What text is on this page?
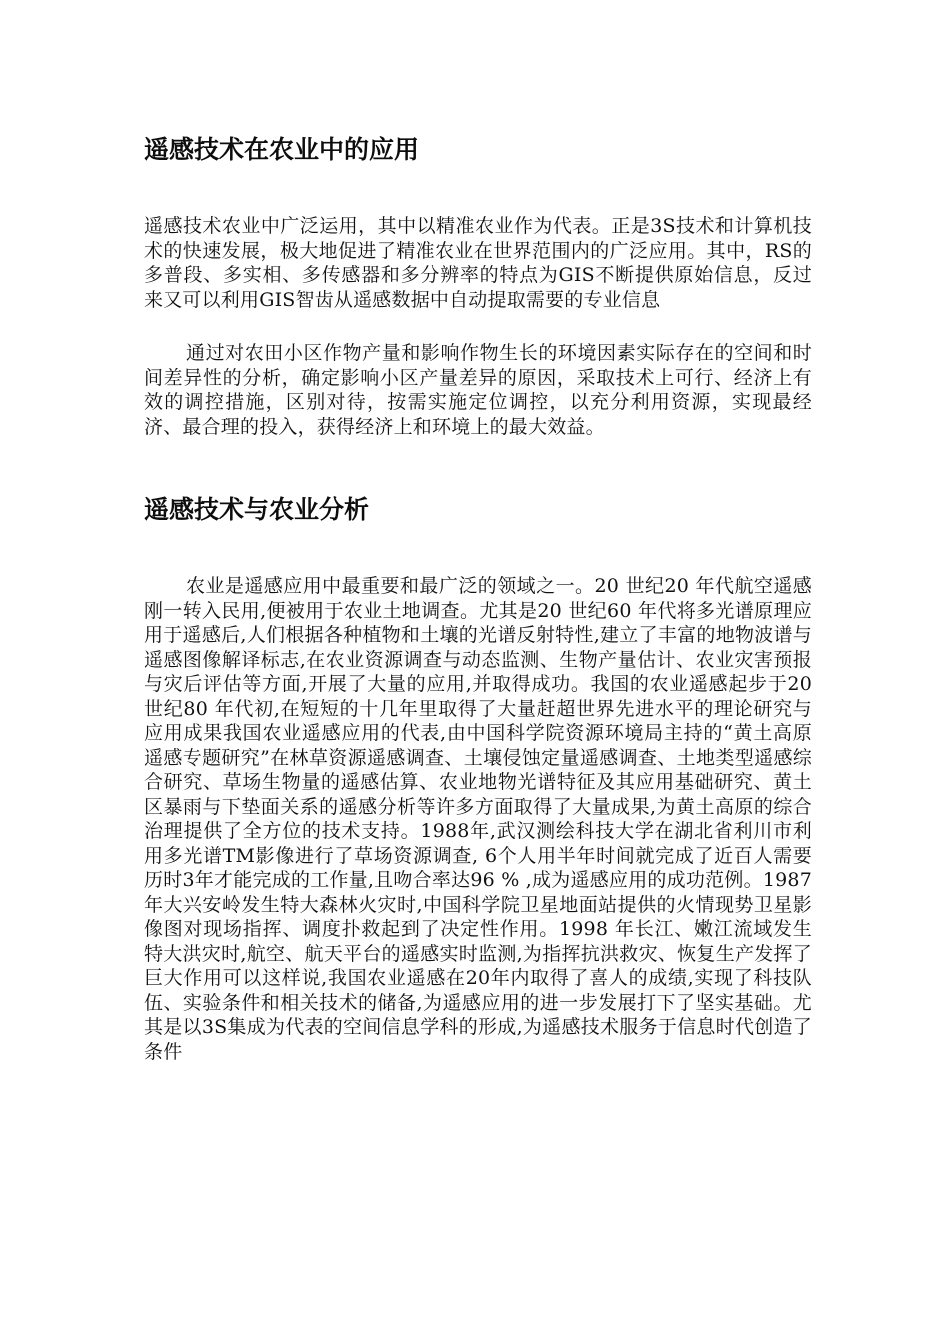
遥感技术在农业中的应用

遥感技术农业中广泛运用，其中以精准农业作为代表。正是3S技术和计算机技术的快速发展，极大地促进了精准农业在世界范围内的广泛应用。其中，RS的多普段、多实相、多传感器和多分辨率的特点为GIS不断提供原始信息，反过来又可以利用GIS智齿从遥感数据中自动提取需要的专业信息

通过对农田小区作物产量和影响作物生长的环境因素实际存在的空间和时间差异性的分析，确定影响小区产量差异的原因，采取技术上可行、经济上有效的调控措施，区别对待，按需实施定位调控，以充分利用资源，实现最经济、最合理的投入，获得经济上和环境上的最大效益。

遥感技术与农业分析

农业是遥感应用中最重要和最广泛的领域之一。20 世纪20 年代航空遥感刚一转入民用,便被用于农业土地调查。尤其是20 世纪60 年代将多光谱原理应用于遥感后,人们根据各种植物和土壤的光谱反射特性,建立了丰富的地物波谱与遥感图像解译标志,在农业资源调查与动态监测、生物产量估计、农业灾害预报与灾后评估等方面,开展了大量的应用,并取得成功。我国的农业遥感起步于20 世纪80 年代初,在短短的十几年里取得了大量赶超世界先进水平的理论研究与应用成果我国农业遥感应用的代表,由中国科学院资源环境局主持的“黄土高原遥感专题研究”在林草资源遥感调查、土壤侵蚀定量遥感调查、土地类型遥感综合研究、草场生物量的遥感估算、农业地物光谱特征及其应用基础研究、黄土区暴雨与下垫面关系的遥感分析等许多方面取得了大量成果,为黄土高原的综合治理提供了全方位的技术支持。1988年,武汉测绘科技大学在湖北省利川市利用多光谱TM影像进行了草场资源调查, 6个人用半年时间就完成了近百人需要历时3年才能完成的工作量,且吻合率达96 % ,成为遥感应用的成功范例。1987年大兴安岭发生特大森林火灾时,中国科学院卫星地面站提供的火情现势卫星影像图对现场指挥、调度扑救起到了决定性作用。1998 年长江、嫩江流域发生特大洪灾时,航空、航天平台的遥感实时监测,为指挥抗洪救灾、恢复生产发挥了巨大作用可以这样说,我国农业遥感在20年内取得了喜人的成绩,实现了科技队伍、实验条件和相关技术的储备,为遥感应用的进一步发展打下了坚实基础。尤其是以3S集成为代表的空间信息学科的形成,为遥感技术服务于信息时代创造了条件
